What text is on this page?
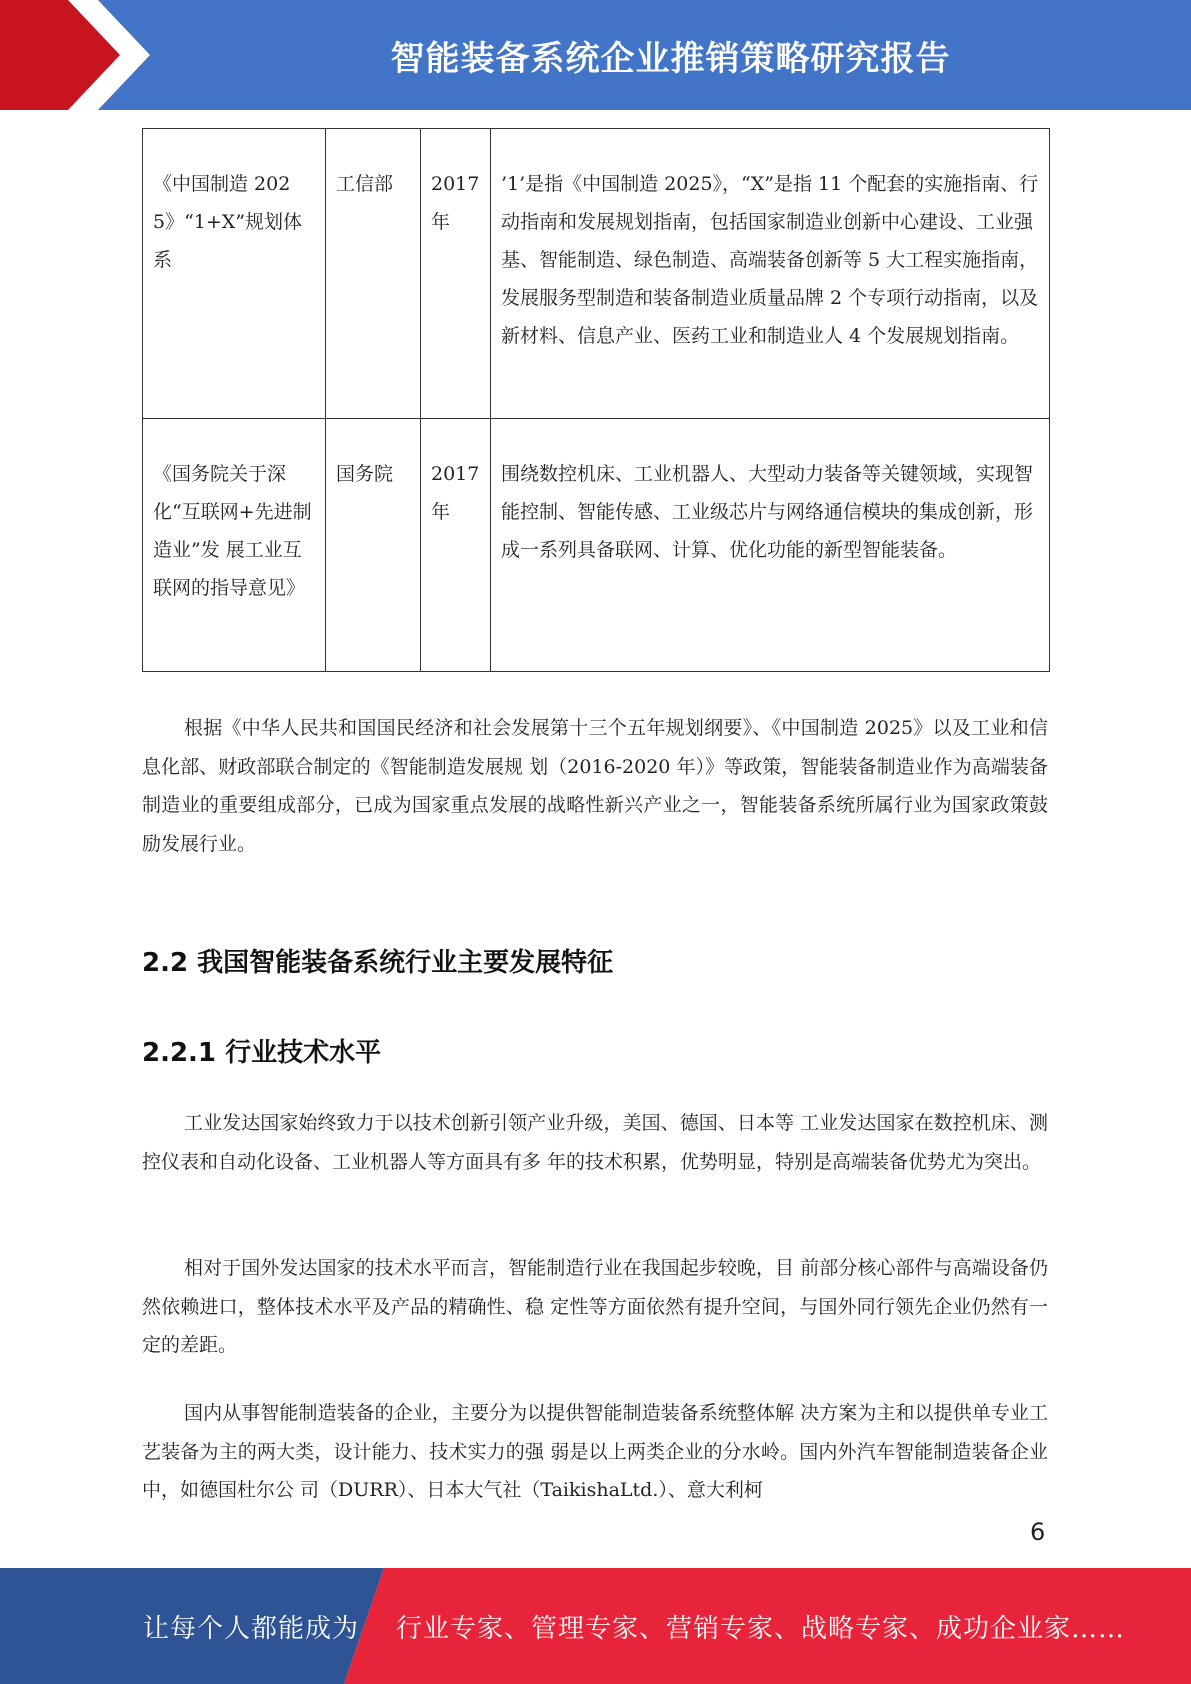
智能装备系统企业推销策略研究报告
《中国制造 2025》“1+X”规划体系	工信部	2017 年	’1’是指《中国制造 2025》，“X”是指 11 个配套的实施指南、行动指南和发展规划指南，包括国家制造业创新中心建设、工业强基、智能制造、绿色制造、高端装备创新等 5 大工程实施指南，发展服务型制造和装备制造业质量品牌 2 个专项行动指南，以及新材料、信息产业、医药工业和制造业人 4 个发展规划指南。
《国务院关于深化“互联网+先进制造业”发 展工业互联网的指导意见》	国务院	2017 年	围绕数控机床、工业机器人、大型动力装备等关键领域，实现智能控制、智能传感、工业级芯片与网络通信模块的集成创新，形成一系列具备联网、计算、优化功能的新型智能装备。

根据《中华人民共和国国民经济和社会发展第十三个五年规划纲要》、《中国制造 2025》以及工业和信息化部、财政部联合制定的《智能制造发展规 划（2016-2020 年）》等政策，智能装备制造业作为高端装备制造业的重要组成部分，已成为国家重点发展的战略性新兴产业之一，智能装备系统所属行业为国家政策鼓励发展行业。

2.2 我国智能装备系统行业主要发展特征
2.2.1 行业技术水平

工业发达国家始终致力于以技术创新引领产业升级，美国、德国、日本等 工业发达国家在数控机床、测控仪表和自动化设备、工业机器人等方面具有多 年的技术积累，优势明显，特别是高端装备优势尤为突出。

相对于国外发达国家的技术水平而言，智能制造行业在我国起步较晚，目 前部分核心部件与高端设备仍然依赖进口，整体技术水平及产品的精确性、稳 定性等方面依然有提升空间，与国外同行领先企业仍然有一定的差距。

国内从事智能制造装备的企业，主要分为以提供智能制造装备系统整体解 决方案为主和以提供单专业工艺装备为主的两大类，设计能力、技术实力的强 弱是以上两类企业的分水岭。国内外汽车智能制造装备企业中，如德国杜尔公 司（DURR）、日本大气社（TaikishaLtd.）、意大利柯

6
让每个人都能成为 行业专家、管理专家、营销专家、战略专家、成功企业家……
